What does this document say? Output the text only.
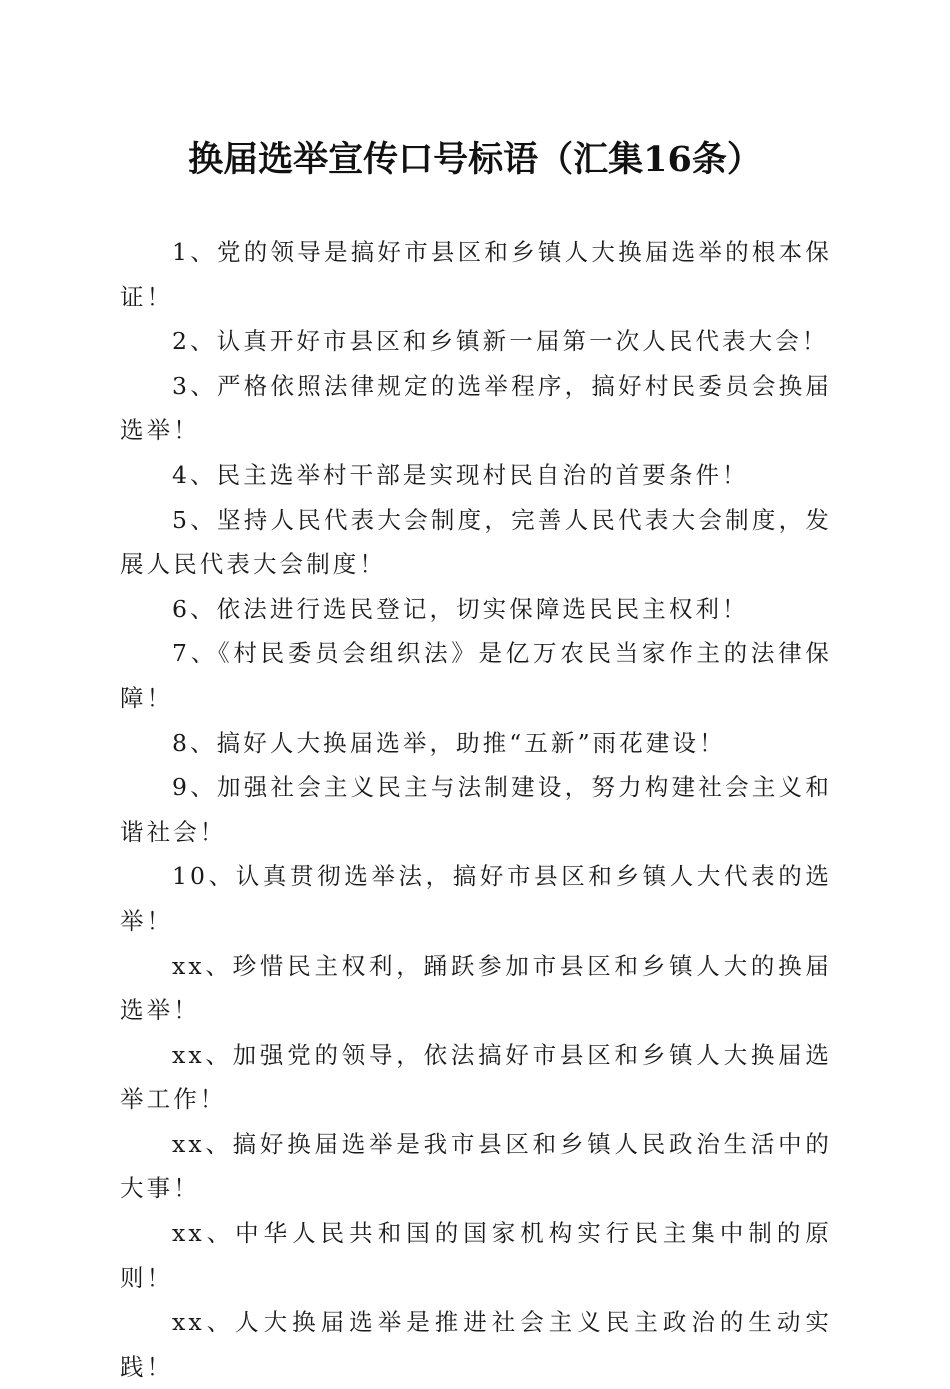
换届选举宣传口号标语（汇集16条）

1、党的领导是搞好市县区和乡镇人大换届选举的根本保证！

2、认真开好市县区和乡镇新一届第一次人民代表大会！

3、严格依照法律规定的选举程序，搞好村民委员会换届选举！

4、民主选举村干部是实现村民自治的首要条件！

5、坚持人民代表大会制度，完善人民代表大会制度，发展人民代表大会制度！

6、依法进行选民登记，切实保障选民民主权利！

7、《村民委员会组织法》是亿万农民当家作主的法律保障！

8、搞好人大换届选举，助推“五新”雨花建设！

9、加强社会主义民主与法制建设，努力构建社会主义和谐社会！

10、认真贯彻选举法，搞好市县区和乡镇人大代表的选举！

xx、珍惜民主权利，踊跃参加市县区和乡镇人大的换届选举！

xx、加强党的领导，依法搞好市县区和乡镇人大换届选举工作！

xx、搞好换届选举是我市县区和乡镇人民政治生活中的大事！

xx、中华人民共和国的国家机构实行民主集中制的原则！

xx、人大换届选举是推进社会主义民主政治的生动实践！
